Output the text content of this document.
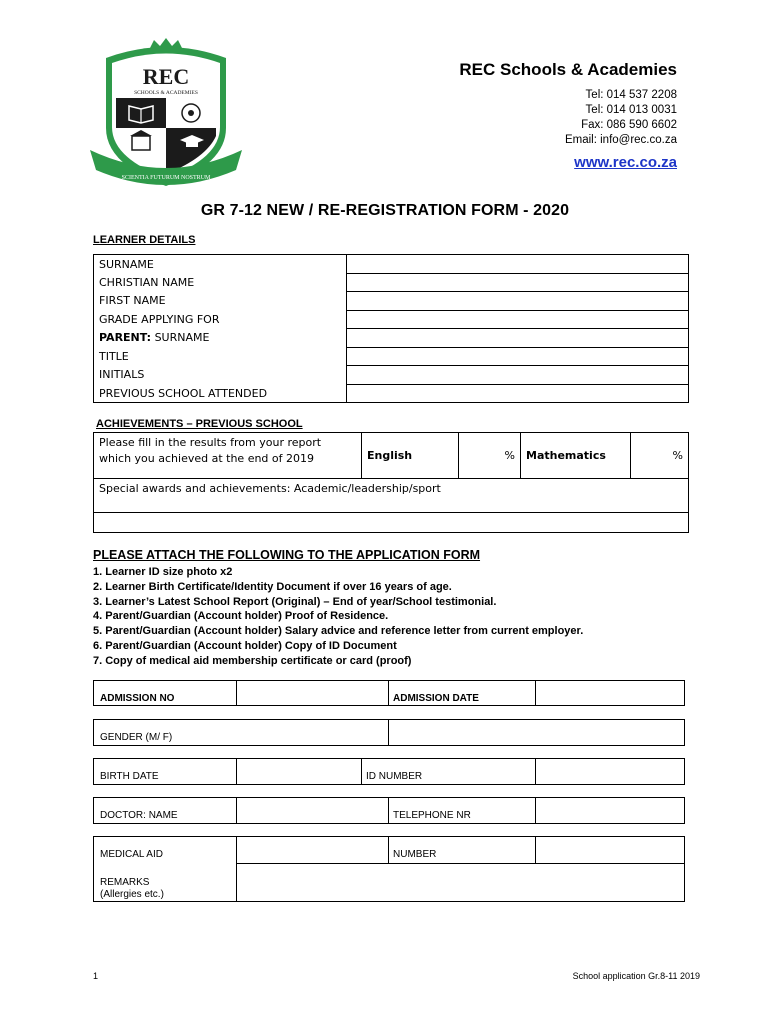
REC
SCHOOLS & ACADEMIES
SCIENTIA FUTURUM NOSTRUM
REC Schools & Academies
Tel: 014 537 2208
Tel: 014 013 0031
Fax: 086 590 6602
Email: info@rec.co.za
www.rec.co.za
GR 7-12 NEW / RE-REGISTRATION FORM - 2020
LEARNER DETAILS
SURNAME	
CHRISTIAN NAME	
FIRST NAME	
GRADE APPLYING FOR	
PARENT: SURNAME	
TITLE	
INITIALS	
PREVIOUS SCHOOL ATTENDED	
ACHIEVEMENTS – PREVIOUS SCHOOL
Please fill in the results from your report which you achieved at the end of 2019	English	%	Mathematics	%
Special awards and achievements: Academic/leadership/sport

PLEASE ATTACH THE FOLLOWING TO THE APPLICATION FORM
1. Learner ID size photo x2
2. Learner Birth Certificate/Identity Document if over 16 years of age.
3. Learner’s Latest School Report (Original) – End of year/School testimonial.
4. Parent/Guardian (Account holder) Proof of Residence.
5. Parent/Guardian (Account holder) Salary advice and reference letter from current employer.
6. Parent/Guardian (Account holder) Copy of ID Document
7. Copy of medical aid membership certificate or card (proof)
ADMISSION NO	ADMISSION DATE
GENDER (M/ F)
BIRTH DATE	ID NUMBER
DOCTOR: NAME	TELEPHONE NR
MEDICAL AID	NUMBER
REMARKS
(Allergies etc.)
1	School application Gr.8-11 2019
